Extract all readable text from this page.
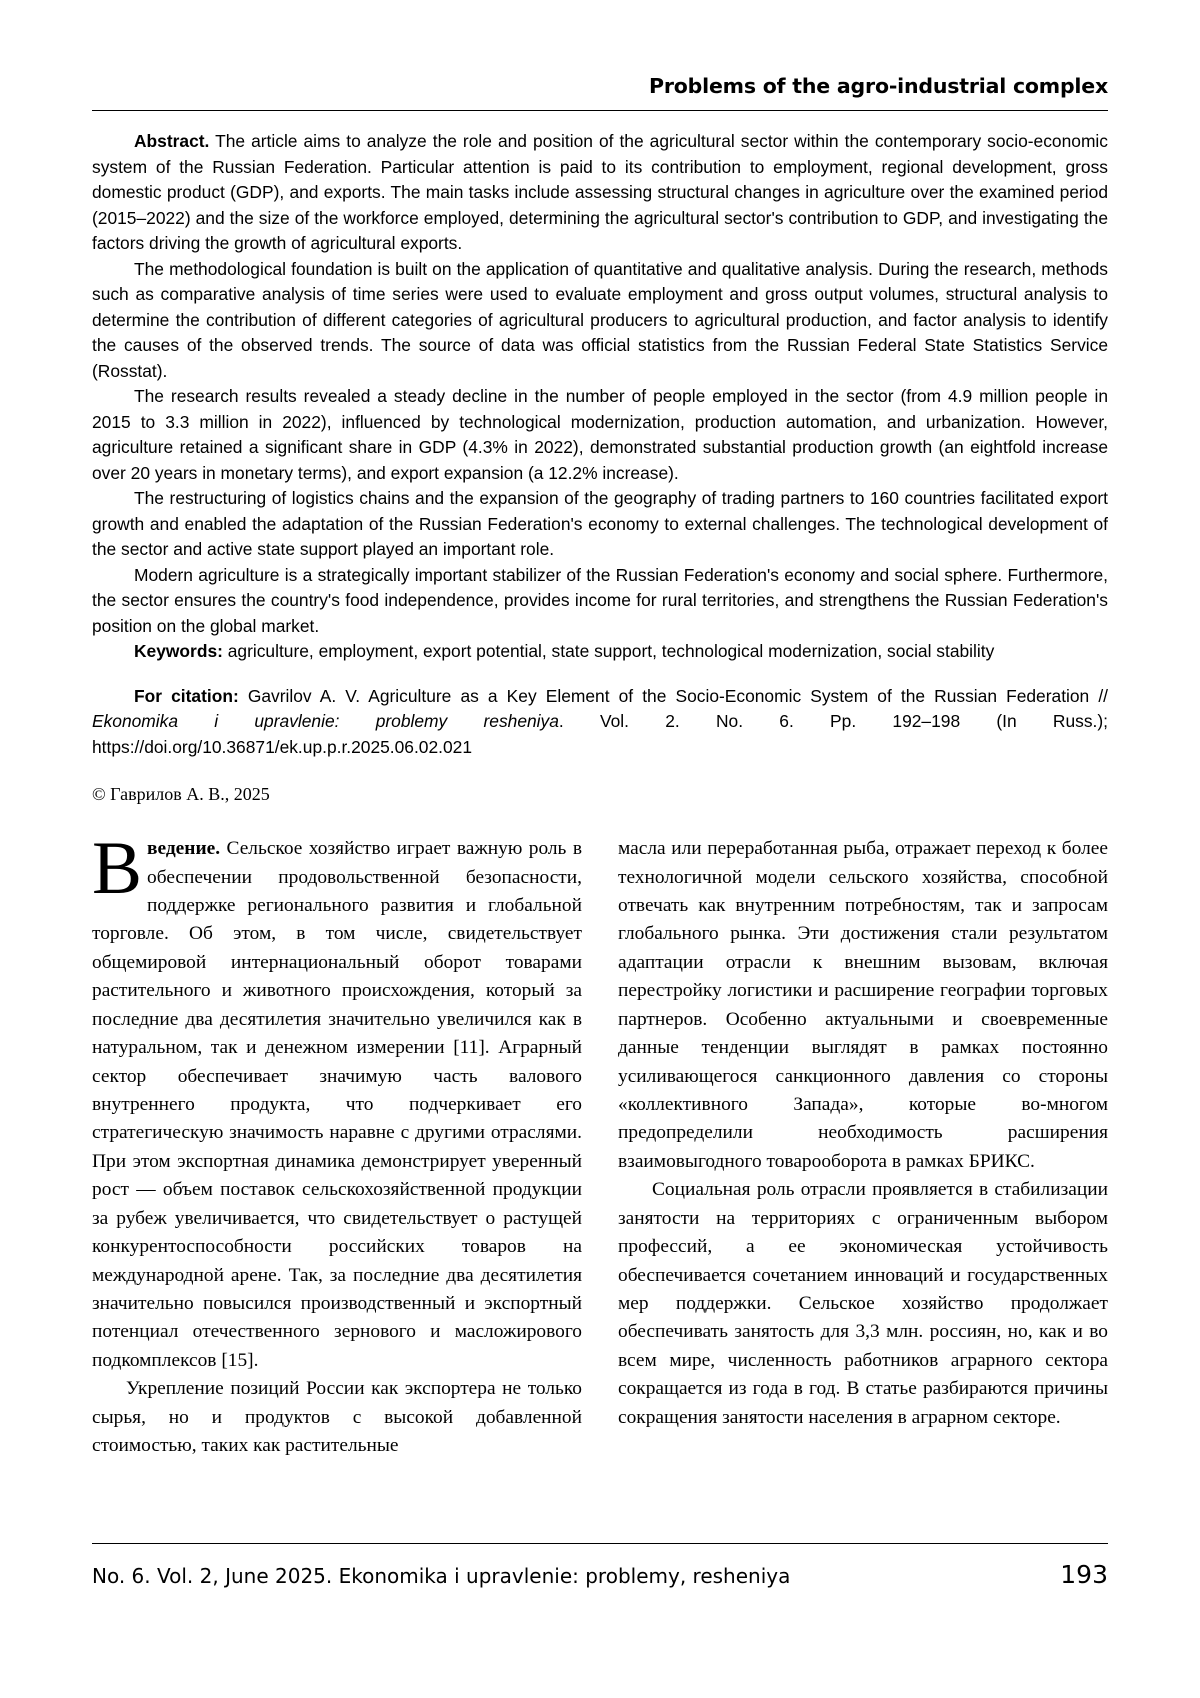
Problems of the agro-industrial complex

Abstract. The article aims to analyze the role and position of the agricultural sector within the contemporary socio-economic system of the Russian Federation. Particular attention is paid to its contribution to employment, regional development, gross domestic product (GDP), and exports. The main tasks include assessing structural changes in agriculture over the examined period (2015–2022) and the size of the workforce employed, determining the agricultural sector's contribution to GDP, and investigating the factors driving the growth of agricultural exports.

The methodological foundation is built on the application of quantitative and qualitative analysis. During the research, methods such as comparative analysis of time series were used to evaluate employment and gross output volumes, structural analysis to determine the contribution of different categories of agricultural producers to agricultural production, and factor analysis to identify the causes of the observed trends. The source of data was official statistics from the Russian Federal State Statistics Service (Rosstat).

The research results revealed a steady decline in the number of people employed in the sector (from 4.9 million people in 2015 to 3.3 million in 2022), influenced by technological modernization, production automation, and urbanization. However, agriculture retained a significant share in GDP (4.3% in 2022), demonstrated substantial production growth (an eightfold increase over 20 years in monetary terms), and export expansion (a 12.2% increase).

The restructuring of logistics chains and the expansion of the geography of trading partners to 160 countries facilitated export growth and enabled the adaptation of the Russian Federation's economy to external challenges. The technological development of the sector and active state support played an important role.

Modern agriculture is a strategically important stabilizer of the Russian Federation's economy and social sphere. Furthermore, the sector ensures the country's food independence, provides income for rural territories, and strengthens the Russian Federation's position on the global market.

Keywords: agriculture, employment, export potential, state support, technological modernization, social stability

For citation: Gavrilov A. V. Agriculture as a Key Element of the Socio-Economic System of the Russian Federation // Ekonomika i upravlenie: problemy resheniya. Vol. 2. No. 6. Pp. 192–198 (In Russ.); https://doi.org/10.36871/ek.up.p.r.2025.06.02.021
© Гаврилов А. В., 2025

Введение. Сельское хозяйство играет важную роль в обеспечении продовольственной безопасности, поддержке регионального развития и глобальной торговле. Об этом, в том числе, свидетельствует общемировой интернациональный оборот товарами растительного и животного происхождения, который за последние два десятилетия значительно увеличился как в натуральном, так и денежном измерении [11]. Аграрный сектор обеспечивает значимую часть валового внутреннего продукта, что подчеркивает его стратегическую значимость наравне с другими отраслями. При этом экспортная динамика демонстрирует уверенный рост — объем поставок сельскохозяйственной продукции за рубеж увеличивается, что свидетельствует о растущей конкурентоспособности российских товаров на международной арене. Так, за последние два десятилетия значительно повысился производственный и экспортный потенциал отечественного зернового и масложирового подкомплексов [15].

Укрепление позиций России как экспортера не только сырья, но и продуктов с высокой добавленной стоимостью, таких как растительные

масла или переработанная рыба, отражает переход к более технологичной модели сельского хозяйства, способной отвечать как внутренним потребностям, так и запросам глобального рынка. Эти достижения стали результатом адаптации отрасли к внешним вызовам, включая перестройку логистики и расширение географии торговых партнеров. Особенно актуальными и своевременные данные тенденции выглядят в рамках постоянно усиливающегося санкционного давления со стороны «коллективного Запада», которые во-многом предопределили необходимость расширения взаимовыгодного товарооборота в рамках БРИКС.

Социальная роль отрасли проявляется в стабилизации занятости на территориях с ограниченным выбором профессий, а ее экономическая устойчивость обеспечивается сочетанием инноваций и государственных мер поддержки. Сельское хозяйство продолжает обеспечивать занятость для 3,3 млн. россиян, но, как и во всем мире, численность работников аграрного сектора сокращается из года в год. В статье разбираются причины сокращения занятости населения в аграрном секторе.

No. 6. Vol. 2, June 2025. Ekonomika i upravlenie: problemy, resheniya	193
